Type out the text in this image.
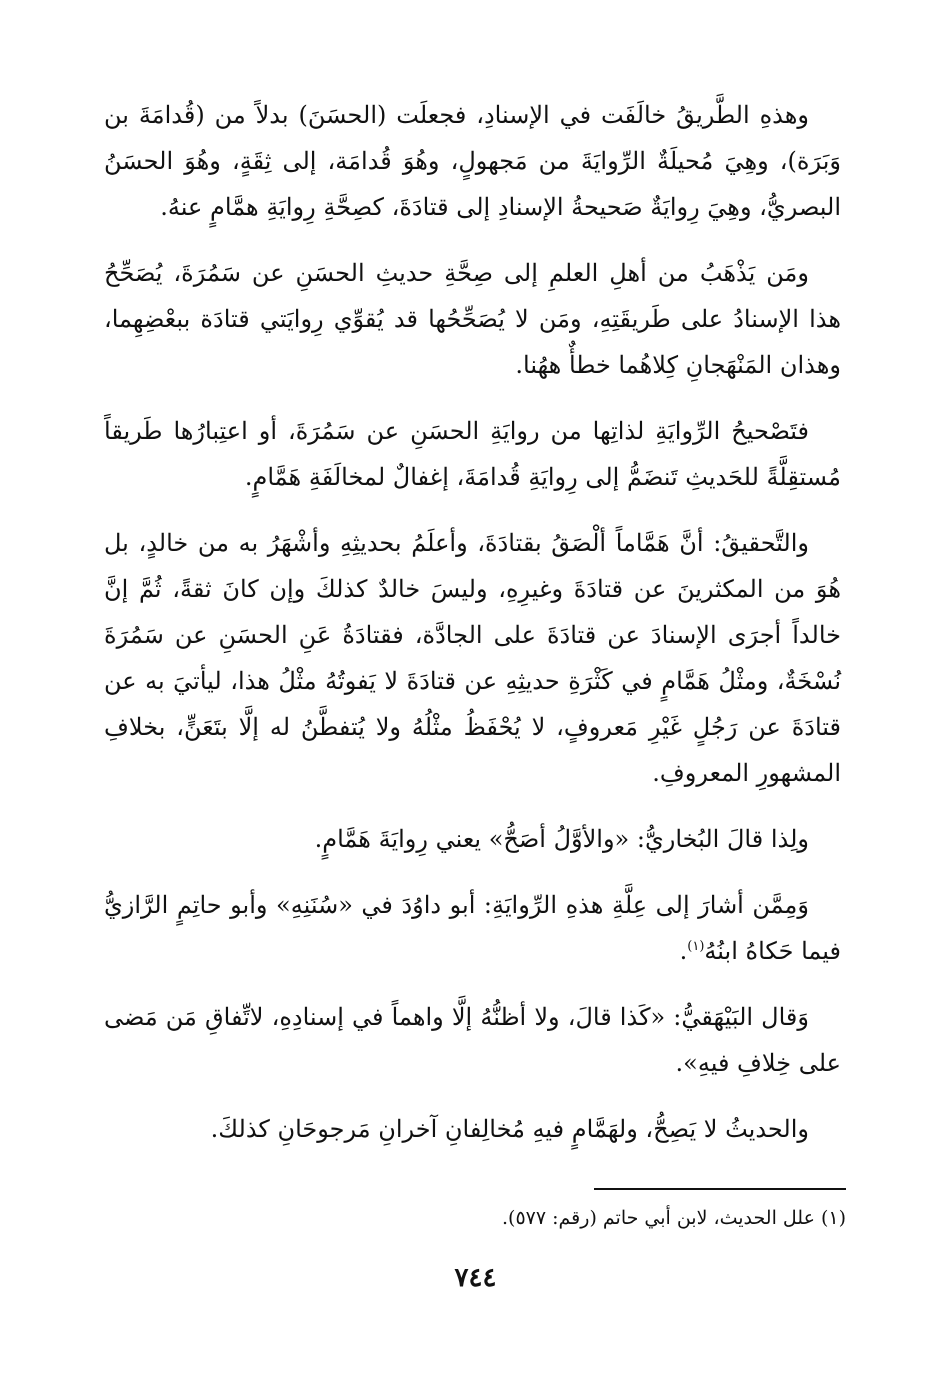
وهذهِ الطَّريقُ خالَفَت في الإسنادِ، فجعلَت (الحسَنَ) بدلاً من (قُدامَةَ بن وَبَرَة)، وهِيَ مُحيلَةٌ الرِّوايَةَ من مَجهولٍ، وهُوَ قُدامَة، إلى ثِقَةٍ، وهُوَ الحسَنُ البصريُّ، وهِيَ رِوايَةٌ صَحيحةُ الإسنادِ إلى قتادَةَ، كصِحَّةِ رِوايَةِ همَّامٍ عنهُ.

ومَن يَذْهَبُ من أهلِ العلمِ إلى صِحَّةِ حديثِ الحسَنِ عن سَمُرَةَ، يُصَحِّحُ هذا الإسنادُ على طَريقَتِهِ، ومَن لا يُصَحِّحُها قد يُقوِّي رِوايَتي قتادَة ببعْضِهِما، وهذان المَنْهَجانِ كِلاهُما خطأٌ ههُنا.

فتَصْحيحُ الرِّوايَةِ لذاتِها من روايَةِ الحسَنِ عن سَمُرَةَ، أو اعتِبارُها طَريقاً مُستقِلَّةً للحَديثِ تَنضَمُّ إلى رِوايَةِ قُدامَةَ، إغفالٌ لمخالَفَةِ هَمَّامٍ.

والتَّحقيقُ: أنَّ هَمَّاماً ألْصَقُ بقتادَةَ، وأعلَمُ بحديثِهِ وأشْهَرُ به من خالدٍ، بل هُوَ من المكثرينَ عن قتادَةَ وغيرِهِ، وليسَ خالدٌ كذلكَ وإن كانَ ثقةً، ثُمَّ إنَّ خالداً أجرَى الإسنادَ عن قتادَةَ على الجادَّة، فقتادَةُ عَنِ الحسَنِ عن سَمُرَةَ نُسْخَةٌ، ومثْلُ هَمَّامٍ في كَثْرَةِ حديثِهِ عن قتادَةَ لا يَفوتُهُ مثْلُ هذا، ليأتيَ به عن قتادَةَ عن رَجُلٍ غَيْرِ مَعروفٍ، لا يُحْفَظُ مثْلُهُ ولا يُتفطَّنُ له إلَّا بتَعَنٍّ، بخلافِ المشهورِ المعروفِ.

ولِذا قالَ البُخاريُّ: «والأوَّلُ أصَحُّ» يعني رِوايَةَ هَمَّامٍ.

وَمِمَّن أشارَ إلى عِلَّةِ هذهِ الرِّوايَةِ: أبو داوُدَ في «سُنَنِهِ» وأبو حاتِمٍ الرَّازيُّ فيما حَكاهُ ابنُهُ$^{(١)}$.

وَقال البَيْهَقيُّ: «كَذا قالَ، ولا أظنُّهُ إلَّا واهماً في إسنادِهِ، لاتِّفاقِ مَن مَضى على خِلافِ فيهِ».

والحديثُ لا يَصِحُّ، ولهَمَّامٍ فيهِ مُخالِفانِ آخرانِ مَرجوحَانِ كذلكَ.

(١) علل الحديث، لابن أبي حاتم (رقم: ٥٧٧).
٧٤٤
